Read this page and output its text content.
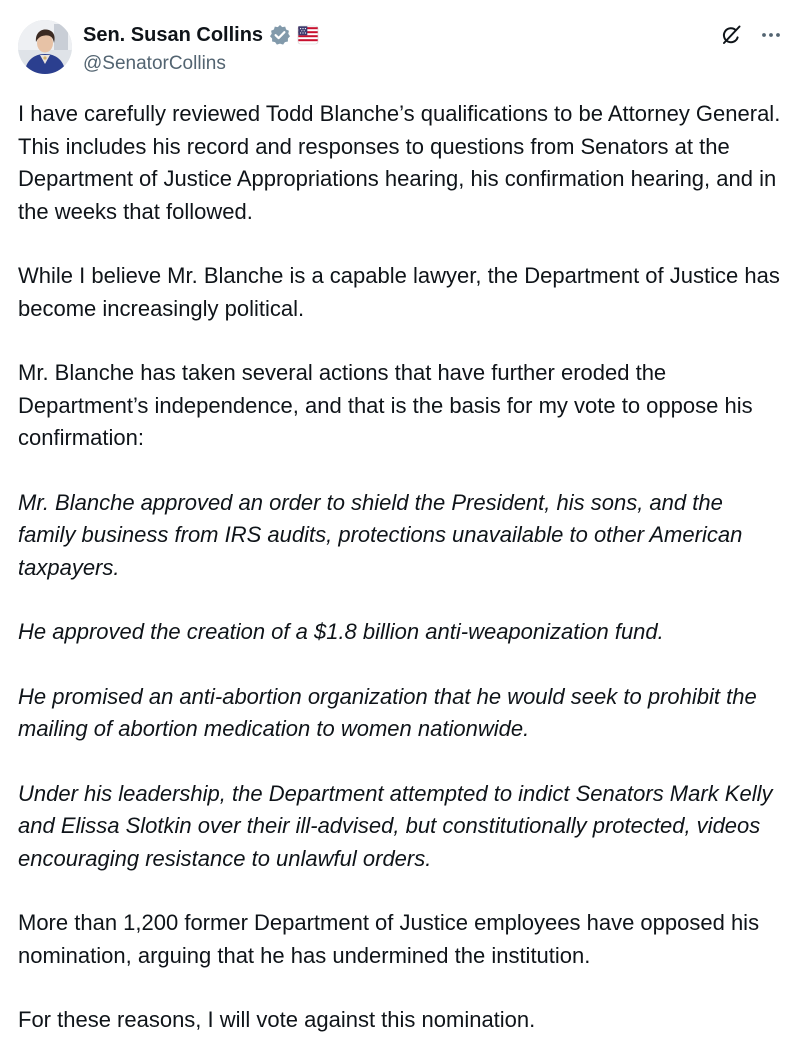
Sen. Susan Collins
@SenatorCollins

I have carefully reviewed Todd Blanche’s qualifications to be Attorney General. This includes his record and responses to questions from Senators at the Department of Justice Appropriations hearing, his confirmation hearing, and in the weeks that followed.

While I believe Mr. Blanche is a capable lawyer, the Department of Justice has become increasingly political.

Mr. Blanche has taken several actions that have further eroded the Department’s independence, and that is the basis for my vote to oppose his confirmation:

Mr. Blanche approved an order to shield the President, his sons, and the family business from IRS audits, protections unavailable to other American taxpayers.

He approved the creation of a $1.8 billion anti-weaponization fund.

He promised an anti-abortion organization that he would seek to prohibit the mailing of abortion medication to women nationwide.

Under his leadership, the Department attempted to indict Senators Mark Kelly and Elissa Slotkin over their ill-advised, but constitutionally protected, videos encouraging resistance to unlawful orders.

More than 1,200 former Department of Justice employees have opposed his nomination, arguing that he has undermined the institution.

For these reasons, I will vote against this nomination.
